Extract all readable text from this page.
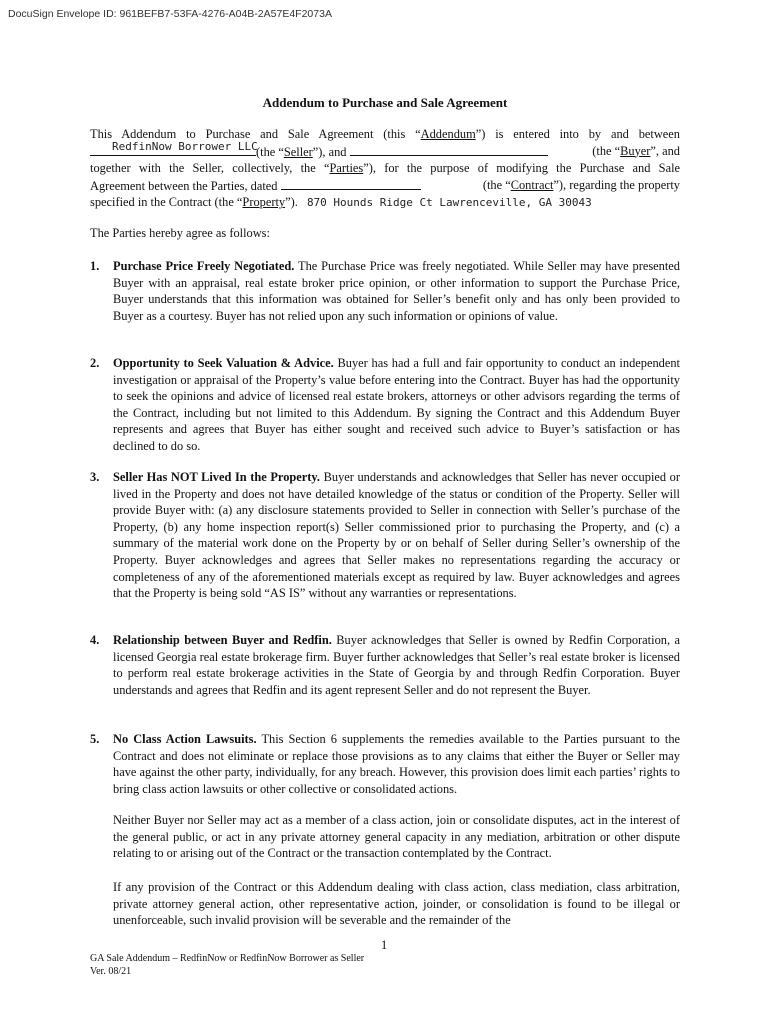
DocuSign Envelope ID: 961BEFB7-53FA-4276-A04B-2A57E4F2073A
Addendum to Purchase and Sale Agreement
This Addendum to Purchase and Sale Agreement (this “Addendum”) is entered into by and between
RedfinNow Borrower LLC
(the “Seller”), and	(the “Buyer”, and
together with the Seller, collectively, the “Parties”), for the purpose of modifying the Purchase and Sale
Agreement between the Parties, dated	(the “Contract”), regarding the property
specified in the Contract (the “Property”). 870 Hounds Ridge Ct Lawrenceville, GA 30043
The Parties hereby agree as follows:
1. Purchase Price Freely Negotiated. The Purchase Price was freely negotiated. While Seller may have presented Buyer with an appraisal, real estate broker price opinion, or other information to support the Purchase Price, Buyer understands that this information was obtained for Seller’s benefit only and has only been provided to Buyer as a courtesy. Buyer has not relied upon any such information or opinions of value.
2. Opportunity to Seek Valuation & Advice. Buyer has had a full and fair opportunity to conduct an independent investigation or appraisal of the Property’s value before entering into the Contract. Buyer has had the opportunity to seek the opinions and advice of licensed real estate brokers, attorneys or other advisors regarding the terms of the Contract, including but not limited to this Addendum. By signing the Contract and this Addendum Buyer represents and agrees that Buyer has either sought and received such advice to Buyer’s satisfaction or has declined to do so.
3. Seller Has NOT Lived In the Property. Buyer understands and acknowledges that Seller has never occupied or lived in the Property and does not have detailed knowledge of the status or condition of the Property. Seller will provide Buyer with: (a) any disclosure statements provided to Seller in connection with Seller’s purchase of the Property, (b) any home inspection report(s) Seller commissioned prior to purchasing the Property, and (c) a summary of the material work done on the Property by or on behalf of Seller during Seller’s ownership of the Property. Buyer acknowledges and agrees that Seller makes no representations regarding the accuracy or completeness of any of the aforementioned materials except as required by law. Buyer acknowledges and agrees that the Property is being sold “AS IS” without any warranties or representations.
4. Relationship between Buyer and Redfin. Buyer acknowledges that Seller is owned by Redfin Corporation, a licensed Georgia real estate brokerage firm. Buyer further acknowledges that Seller’s real estate broker is licensed to perform real estate brokerage activities in the State of Georgia by and through Redfin Corporation. Buyer understands and agrees that Redfin and its agent represent Seller and do not represent the Buyer.
5. No Class Action Lawsuits. This Section 6 supplements the remedies available to the Parties pursuant to the Contract and does not eliminate or replace those provisions as to any claims that either the Buyer or Seller may have against the other party, individually, for any breach. However, this provision does limit each parties’ rights to bring class action lawsuits or other collective or consolidated actions.
Neither Buyer nor Seller may act as a member of a class action, join or consolidate disputes, act in the interest of the general public, or act in any private attorney general capacity in any mediation, arbitration or other dispute relating to or arising out of the Contract or the transaction contemplated by the Contract.
If any provision of the Contract or this Addendum dealing with class action, class mediation, class arbitration, private attorney general action, other representative action, joinder, or consolidation is found to be illegal or unenforceable, such invalid provision will be severable and the remainder of the
1
GA Sale Addendum – RedfinNow or RedfinNow Borrower as Seller
Ver. 08/21
